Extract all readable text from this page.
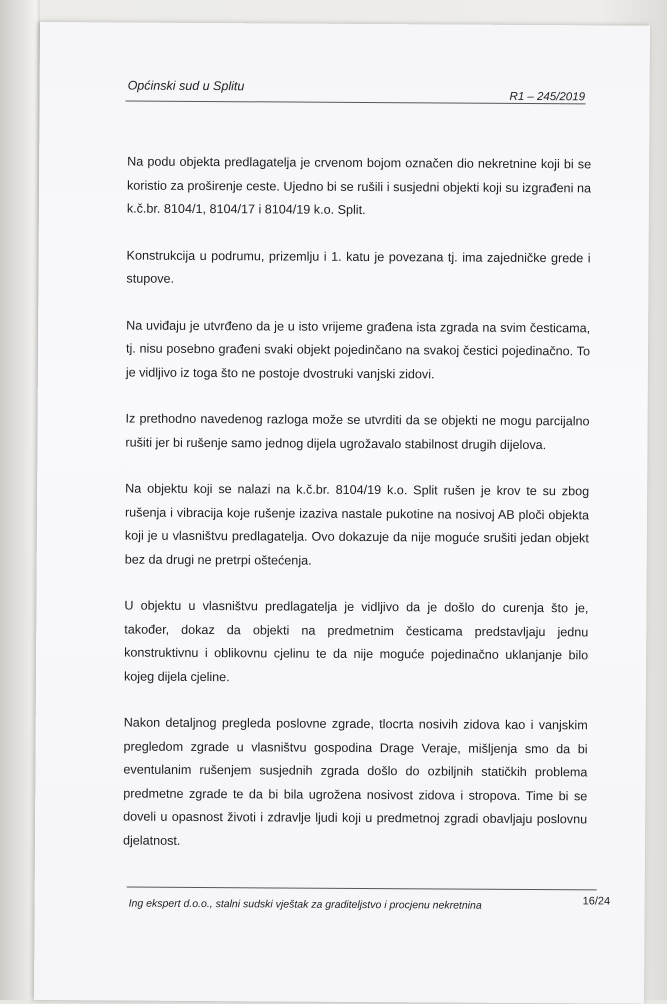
Općinski sud u Splitu
R1 – 245/2019

Na podu objekta predlagatelja je crvenom bojom označen dio nekretnine koji bi se koristio za proširenje ceste. Ujedno bi se rušili i susjedni objekti koji su izgrađeni na k.č.br. 8104/1, 8104/17 i 8104/19 k.o. Split.

Konstrukcija u podrumu, prizemlju i 1. katu je povezana tj. ima zajedničke grede i stupove.

Na uviđaju je utvrđeno da je u isto vrijeme građena ista zgrada na svim česticama, tj. nisu posebno građeni svaki objekt pojedinčano na svakoj čestici pojedinačno. To je vidljivo iz toga što ne postoje dvostruki vanjski zidovi.

Iz prethodno navedenog razloga može se utvrditi da se objekti ne mogu parcijalno rušiti jer bi rušenje samo jednog dijela ugrožavalo stabilnost drugih dijelova.

Na objektu koji se nalazi na k.č.br. 8104/19 k.o. Split rušen je krov te su zbog rušenja i vibracija koje rušenje izaziva nastale pukotine na nosivoj AB ploči objekta koji je u vlasništvu predlagatelja. Ovo dokazuje da nije moguće srušiti jedan objekt bez da drugi ne pretrpi oštećenja.

U objektu u vlasništvu predlagatelja je vidljivo da je došlo do curenja što je, također, dokaz da objekti na predmetnim česticama predstavljaju jednu konstruktivnu i oblikovnu cjelinu te da nije moguće pojedinačno uklanjanje bilo kojeg dijela cjeline.

Nakon detaljnog pregleda poslovne zgrade, tlocrta nosivih zidova kao i vanjskim pregledom zgrade u vlasništvu gospodina Drage Veraje, mišljenja smo da bi eventulanim rušenjem susjednih zgrada došlo do ozbiljnih statičkih problema predmetne zgrade te da bi bila ugrožena nosivost zidova i stropova. Time bi se doveli u opasnost životi i zdravlje ljudi koji u predmetnoj zgradi obavljaju poslovnu djelatnost.

Ing ekspert d.o.o., stalni sudski vještak za graditeljstvo i procjenu nekretnina	16/24
